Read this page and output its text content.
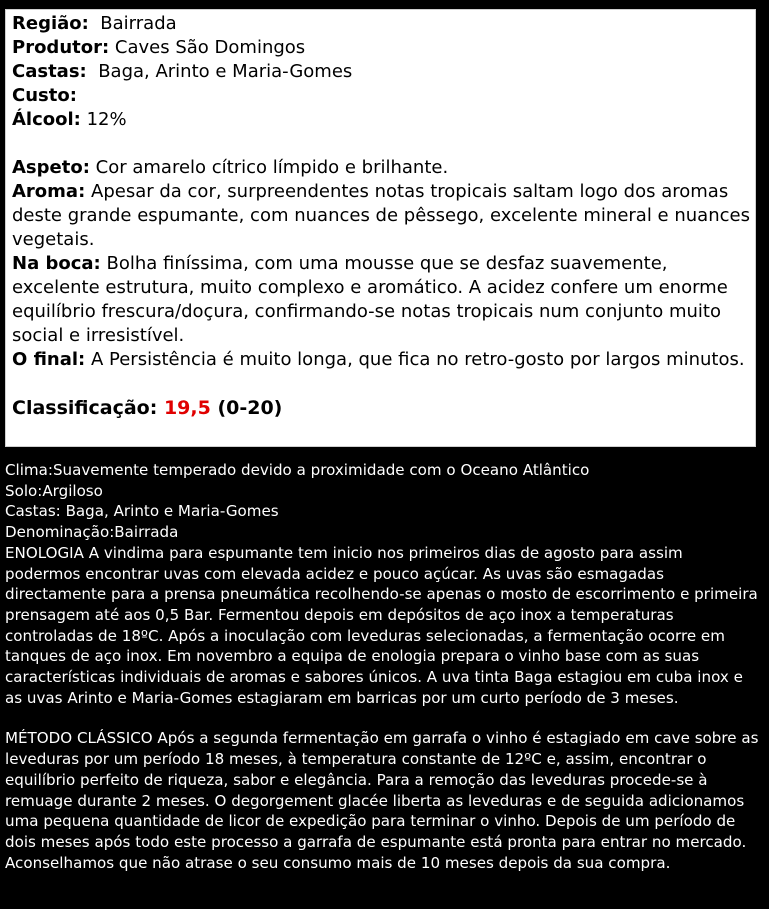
Região: Bairrada

Produtor: Caves São Domingos

Castas: Baga, Arinto e Maria-Gomes

Custo:

Álcool: 12%

Aspeto: Cor amarelo cítrico límpido e brilhante.

Aroma: Apesar da cor, surpreendentes notas tropicais saltam logo dos aromas deste grande espumante, com nuances de pêssego, excelente mineral e nuances vegetais.

Na boca: Bolha finíssima, com uma mousse que se desfaz suavemente, excelente estrutura, muito complexo e aromático. A acidez confere um enorme equilíbrio frescura/doçura, confirmando-se notas tropicais num conjunto muito social e irresistível.

O final: A Persistência é muito longa, que fica no retro-gosto por largos minutos.

Classificação: 19,5 (0-20)

Clima:Suavemente temperado devido a proximidade com o Oceano Atlântico

Solo:Argiloso

Castas: Baga, Arinto e Maria-Gomes

Denominação:Bairrada

ENOLOGIA A vindima para espumante tem inicio nos primeiros dias de agosto para assim podermos encontrar uvas com elevada acidez e pouco açúcar. As uvas são esmagadas directamente para a prensa pneumática recolhendo-se apenas o mosto de escorrimento e primeira prensagem até aos 0,5 Bar. Fermentou depois em depósitos de aço inox a temperaturas controladas de 18ºC. Após a inoculação com leveduras selecionadas, a fermentação ocorre em tanques de aço inox. Em novembro a equipa de enologia prepara o vinho base com as suas características individuais de aromas e sabores únicos. A uva tinta Baga estagiou em cuba inox e as uvas Arinto e Maria-Gomes estagiaram em barricas por um curto período de 3 meses.

MÉTODO CLÁSSICO Após a segunda fermentação em garrafa o vinho é estagiado em cave sobre as leveduras por um período 18 meses, à temperatura constante de 12ºC e, assim, encontrar o equilíbrio perfeito de riqueza, sabor e elegância. Para a remoção das leveduras procede-se à remuage durante 2 meses. O degorgement glacée liberta as leveduras e de seguida adicionamos uma pequena quantidade de licor de expedição para terminar o vinho. Depois de um período de dois meses após todo este processo a garrafa de espumante está pronta para entrar no mercado. Aconselhamos que não atrase o seu consumo mais de 10 meses depois da sua compra.
